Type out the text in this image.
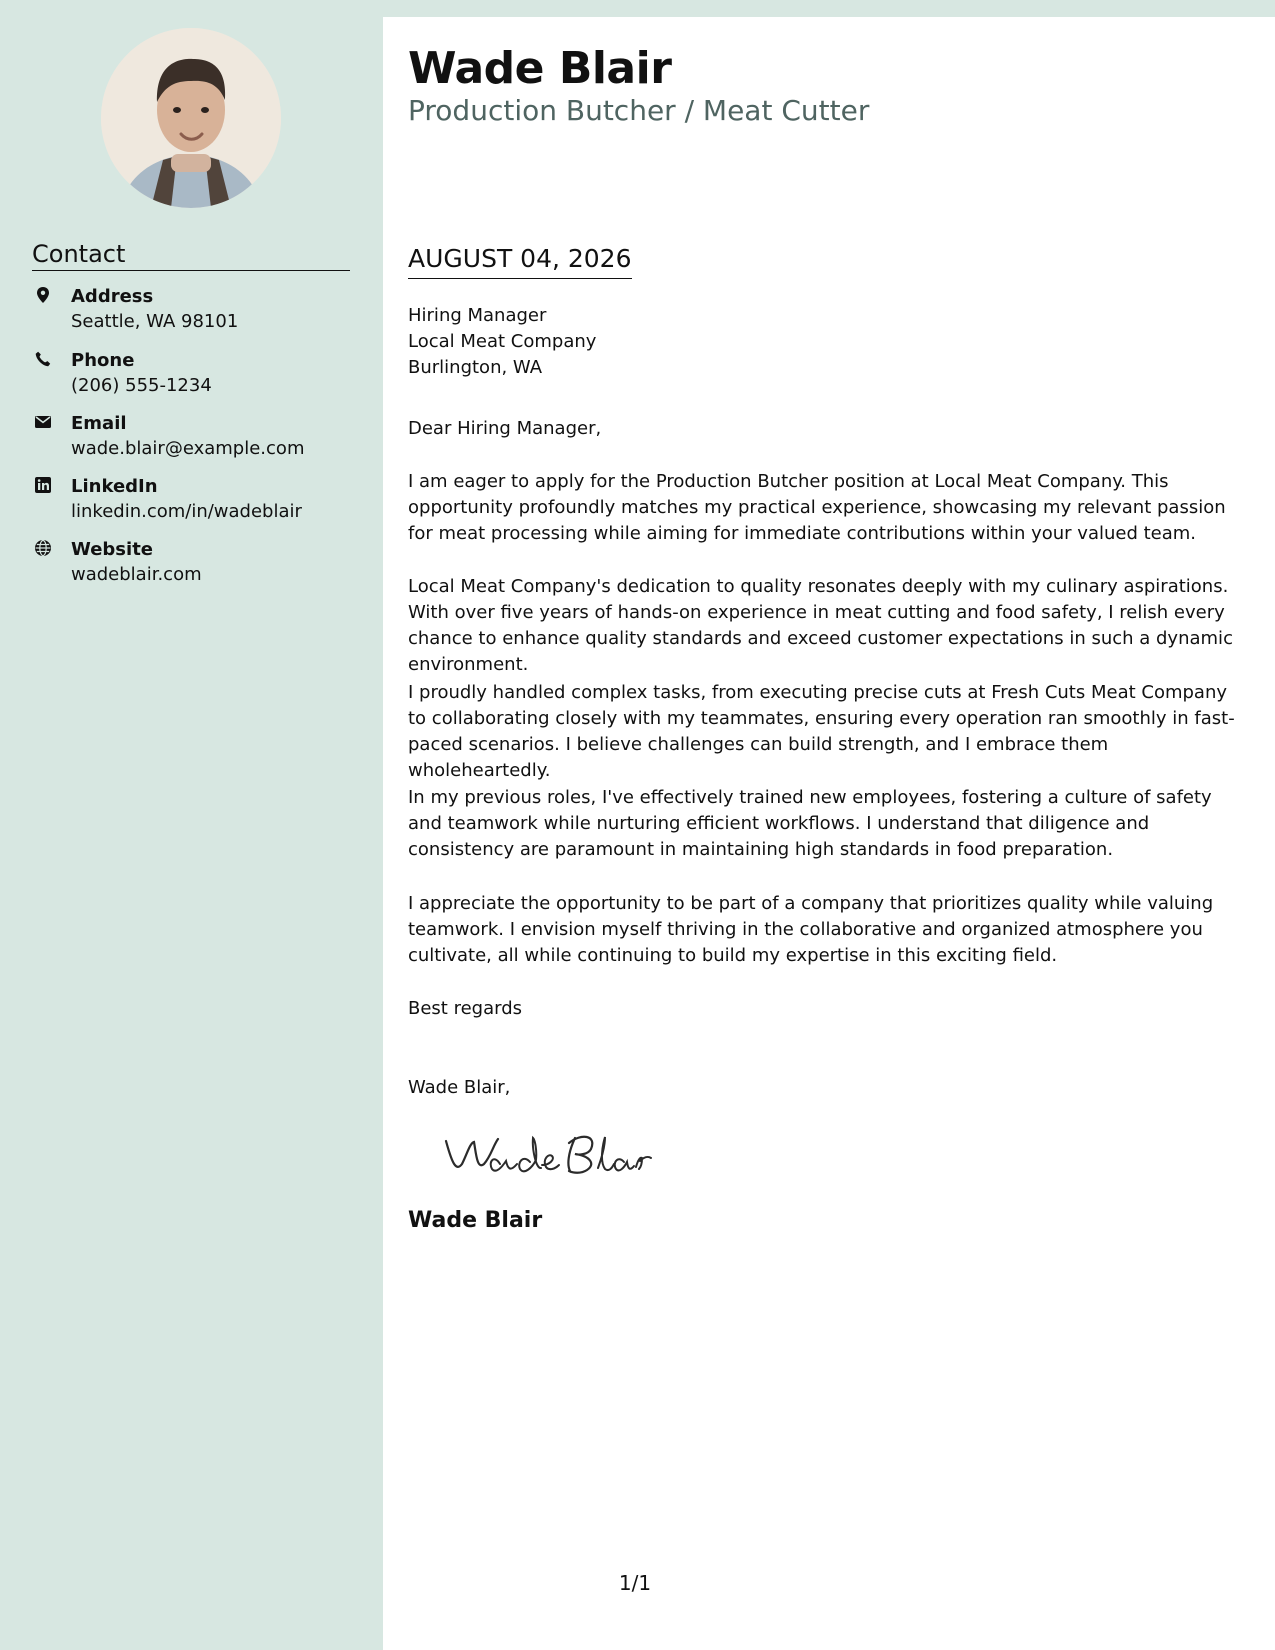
Contact
Address
Seattle, WA 98101
Phone
(206) 555-1234
Email
wade.blair@example.com
LinkedIn
linkedin.com/in/wadeblair
Website
wadeblair.com
Wade Blair
Production Butcher / Meat Cutter
AUGUST 04, 2026
Hiring Manager
Local Meat Company
Burlington, WA
Dear Hiring Manager,
I am eager to apply for the Production Butcher position at Local Meat Company. This opportunity profoundly matches my practical experience, showcasing my relevant passion for meat processing while aiming for immediate contributions within your valued team.
Local Meat Company's dedication to quality resonates deeply with my culinary aspirations. With over five years of hands-on experience in meat cutting and food safety, I relish every chance to enhance quality standards and exceed customer expectations in such a dynamic environment.
I proudly handled complex tasks, from executing precise cuts at Fresh Cuts Meat Company to collaborating closely with my teammates, ensuring every operation ran smoothly in fast-paced scenarios. I believe challenges can build strength, and I embrace them wholeheartedly.
In my previous roles, I've effectively trained new employees, fostering a culture of safety and teamwork while nurturing efficient workflows. I understand that diligence and consistency are paramount in maintaining high standards in food preparation.
I appreciate the opportunity to be part of a company that prioritizes quality while valuing teamwork. I envision myself thriving in the collaborative and organized atmosphere you cultivate, all while continuing to build my expertise in this exciting field.
Best regards
Wade Blair,
Wade Blair
1/1
